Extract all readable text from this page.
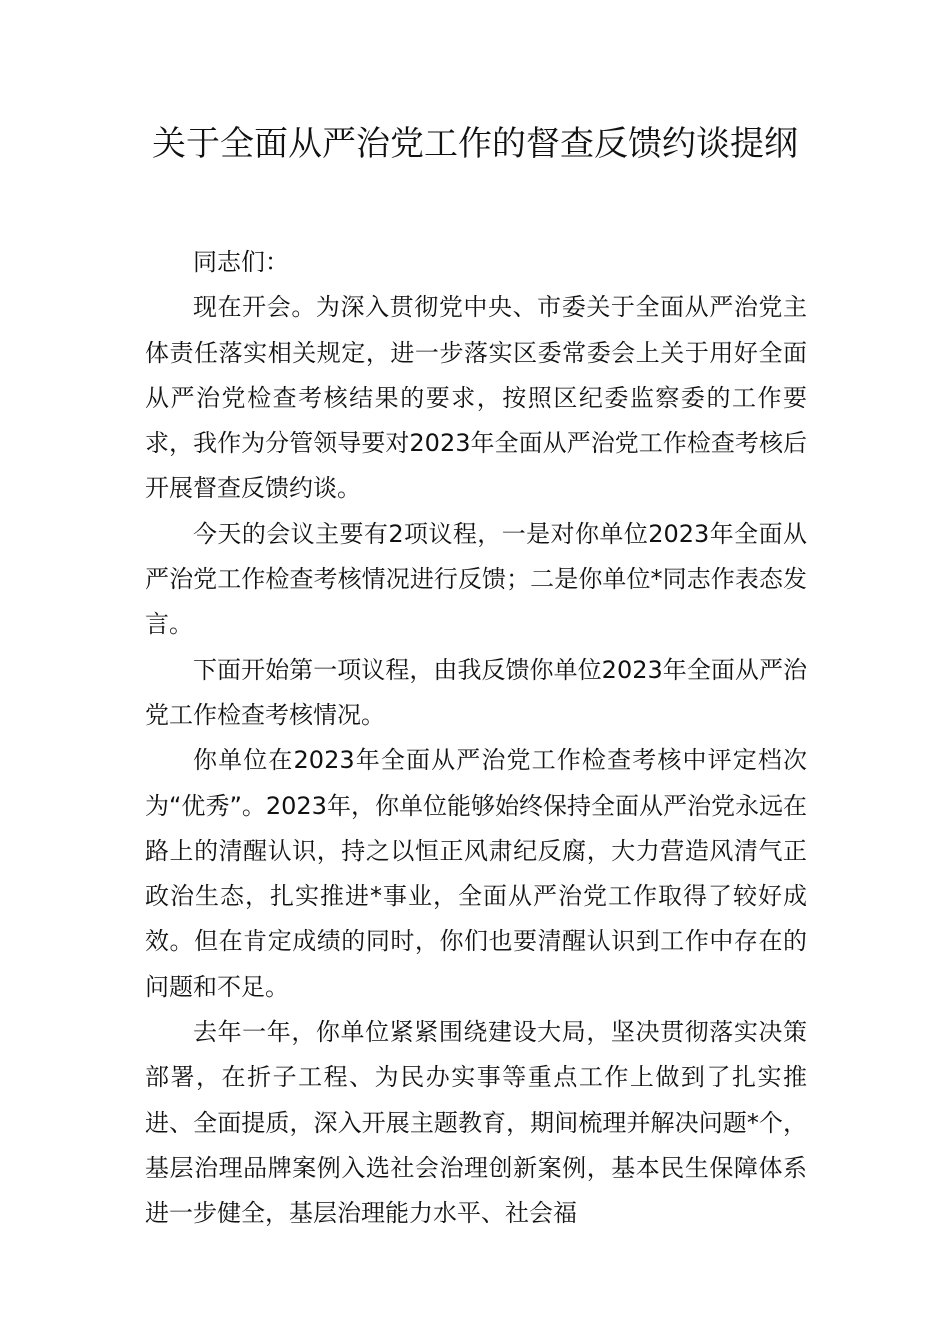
关于全面从严治党工作的督查反馈约谈提纲

同志们：

现在开会。为深入贯彻党中央、市委关于全面从严治党主体责任落实相关规定，进一步落实区委常委会上关于用好全面从严治党检查考核结果的要求，按照区纪委监察委的工作要求，我作为分管领导要对2023年全面从严治党工作检查考核后开展督查反馈约谈。

今天的会议主要有2项议程，一是对你单位2023年全面从严治党工作检查考核情况进行反馈；二是你单位*同志作表态发言。

下面开始第一项议程，由我反馈你单位2023年全面从严治党工作检查考核情况。

你单位在2023年全面从严治党工作检查考核中评定档次为“优秀”。2023年，你单位能够始终保持全面从严治党永远在路上的清醒认识，持之以恒正风肃纪反腐，大力营造风清气正政治生态，扎实推进*事业，全面从严治党工作取得了较好成效。但在肯定成绩的同时，你们也要清醒认识到工作中存在的问题和不足。

去年一年，你单位紧紧围绕建设大局，坚决贯彻落实决策部署，在折子工程、为民办实事等重点工作上做到了扎实推进、全面提质，深入开展主题教育，期间梳理并解决问题*个，基层治理品牌案例入选社会治理创新案例，基本民生保障体系进一步健全，基层治理能力水平、社会福
